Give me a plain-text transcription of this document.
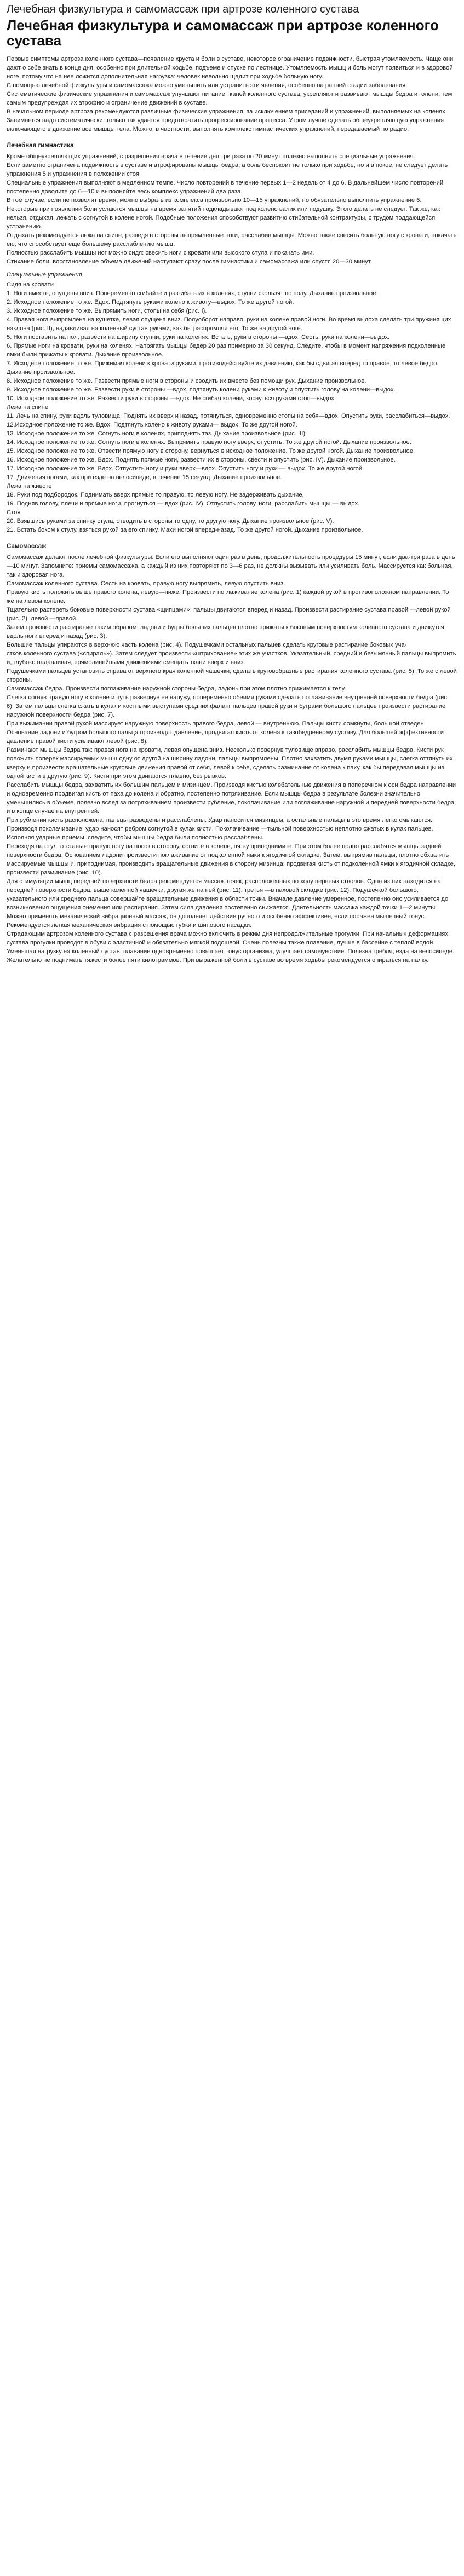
Лечебная физкультура и самомассаж при артрозе коленного сустава
Лечебная физкультура и самомассаж при артрозе коленного сустава

Первые симптомы артроза коленного сустава—появление хруста и боли в суставе, некоторое ограничение подвижности, быстрая утомляемость. Чаще они дают о себе знать в конце дня, особенно при длительной ходьбе, подъеме и спуске по лестнице. Утомляемость мышц и боль могут появиться и в здоровой ноге, потому что на нее ложится дополнительная нагрузка: человек невольно щадит при ходьбе больную ногу.

С помощью лечебной физкультуры и самомассажа можно уменьшить или устранить эти явления, особенно на ранней стадии заболевания. Систематические физические упражнения и самомассаж улучшают питание тканей коленного сустава, укрепляют и развивают мышцы бедра и голени, тем самым предупреждая их атрофию и ограничение движений в суставе.

В начальном периоде артроза рекомендуются различные физические упражнения, за исключением приседаний и упражнений, выполняемых на коленях Занимается надо систематически, только так удается предотвратить прогрессирование процесса. Утром лучше сделать общеукрепляющую упражнения включающего в движение все мышцы тела. Можно, в частности, выполнять комплекс гимнастических упражнений, передаваемый по радио.

Лечебная гимнастика

Кроме общеукрепляющих упражнений, с разрешения врача в течение дня три раза по 20 минут полезно выполнять специальные упражнения.

Если заметно ограничена подвижность в суставе и атрофированы мышцы бедра, а боль беспокоит не только при ходьбе, но и в покое, не следует делать упражнения 5 и упражнения в положении стоя.

Специальные упражнения выполняют в медленном темпе. Число повторений в течение первых 1—2 недель от 4 до 6. В дальнейшем число повторений постепенно доводите до 6—10 и выполняйте весь комплекс упражнений два раза.

В том случае, если не позволит время, можно выбрать из комплекса произвольно 10—15 упражнений, но обязательно выполнить упражнение 6.

Некоторые при появлении боли услаются мышцы на время занятий подкладывают под колено валик или подушку. Этого делать не следует. Так же, как нельзя, отдыхая, лежать с согнутой в колене ногой. Подобные положения способствуют развитию стибательной контрактуры, с трудом поддающейся устранению.

Отдыхать рекомендуется лежа на спине, разведя в стороны выпрямленные ноги, расслабив мышцы. Можно также свесить больную ногу с кровати, покачать ею, что способствует еще большему расслаблению мышц.

Полностью расслабить мышцы ног можно сидя: свесить ноги с кровати или высокого стула и покачать ими.

Стихание боли, восстановление объема движений наступают сразу после гимнастики и самомассажа или спустя 20—30 минут.

Специальные упражнения

Сидя на кровати

1. Ноги вместе, опущены вниз. Попеременно сгибайте и разгибать их в коленях, ступни скользят по полу. Дыхание произвольное.

2. Исходное положение то же. Вдох. Подтянуть руками колено к животу—выдох. То же другой ногой.

3. Исходное положение то же. Выпрямить ноги, стопы на себя (рис. I).

4. Правая нога выпрямлена на кушетке, левая опущена вниз. Полуоборот направо, руки на колене правой ноги. Во время выдоха сделать три пружинящих наклона (рис. II), надавливая на коленный сустав руками, как бы распрямляя его. То же на другой ноге.

5. Ноги поставить на пол, развести на ширину ступни, руки на коленях. Встать, руки в стороны —вдох. Сесть, руки на колени—выдох.

6. Прямые ноги на кровати, руки на коленях. Напрягать мышцы бедер 20 раз примерно за 30 секунд. Следите, чтобы в момент напряжения подколенные ямки были прижаты к кровати. Дыхание произвольное.

7. Исходное положение то же. Прижимая колени к кровати руками, противодействуйте их давлению, как бы сдвигая вперед то правое, то левое бедро. Дыхание произвольное.

8. Исходное положение то же. Развести прямые ноги в стороны и сводить их вместе без помощи рук. Дыхание произвольное.

9. Исходное положение то же. Развести руки в стороны —вдох, подтянуть колени руками к животу и опустить голову на колени—выдох.

10. Исходное положение то же. Развести руки в стороны —вдох. Не сгибая колени, коснуться руками стоп—выдох.

Лежа на спине

11. Лечь на спину, руки вдоль туловища. Поднять их вверх и назад, потянуться, одновременно стопы на себя—вдох. Опустить руки, расслабиться—выдох.

12.Исходное положение то же. Вдох. Подтянуть колено к животу руками— выдох. То же другой ногой.

13. Исходное положение то же. Согнуть ноги в коленях, приподнять таз. Дыхание произвольное (рис. III).

14. Исходное положение то же. Согнуть ноги в коленях. Выпрямить правую ногу вверх, опустить. То же другой ногой. Дыхание произвольное.

15. Исходное положение то же. Отвести прямую ногу в сторону, вернуться в исходное положение. То же другой ногой. Дыхание произвольное.

16. Исходное положение то же. Вдох. Поднять прямые ноги, развести их в стороны, свести и опустить (рис. IV). Дыхание произвольное.

17. Исходное положение то же. Вдох. Отпустить ногу и руки вверх—вдох. Опустить ногу и руки — выдох. То же другой ногой.

17. Движения ногами, как при езде на велосипеде, в течение 15 секунд. Дыхание произвольное.

Лежа на животе

18. Руки под подбородок. Поднимать вверх прямые то правую, то левую ногу. Не задерживать дыхание.

19. Подняв голову, плечи и прямые ноги, прогнуться — вдох (рис. IV). Отпустить голову, ноги, расслабить мышцы — выдох.

Стоя

20. Взявшись руками за спинку стула, отводить в стороны то одну, то другую ногу. Дыхание произвольное (рис. V).

21. Встать боком к стулу, взяться рукой за его спинку. Махи ногой вперед-назад. То же другой ногой. Дыхание произвольное.

Самомассаж

Самомассаж делают после лечебной физкультуры. Если его выполняют один раз в день, продолжительность процедуры 15 минут, если два-три раза в день—10 минут. Запомните: приемы самомассажа, а каждый из них повторяют по 3—6 раз, не должны вызывать или усиливать боль. Массируется как больная, так и здоровая нога.

Самомассаж коленного сустава. Сесть на кровать, правую ногу выпрямить, левую опустить вниз.

Правую кисть положить выше правого колена, левую—ниже. Произвести поглаживание колена (рис. 1) каждой рукой в противоположном направлении. То же на левом колене.

Тщательно растереть боковые поверхности сустава «щипцами»: пальцы двигаются вперед и назад. Произвести растирание сустава правой —левой рукой (рис. 2), левой —правой.

Затем произвести растирание таким образом: ладони и бугры больших пальцев плотно прижаты к боковым поверхностям коленного сустава и движутся вдоль ноги вперед и назад (рис. 3).

Большие пальцы упираются в верхнюю часть колена (рис. 4). Подушечками остальных пальцев сделать круговые растирание боковых уча-

стков коленного сустава («спираль»). Затем следует произвести «штрихование» этих же участков. Указательный, средний и безымянный пальцы выпрямить и, глубоко надавливая, прямолинейными движениями смещать ткани вверх и вниз.

Подушечками пальцев установить справа от верхнего края коленной чашечки, сделать круговобразные растирания коленного сустава (рис. 5). То же с левой стороны.

Самомассаж бедра. Произвести поглаживание наружной стороны бедра, ладонь при этом плотно прижимается к телу.

Слегка согнув правую ногу в колене и чуть развернув ее наружу, попеременно обеими руками сделать поглаживание внутренней поверхности бедра (рис. 6). Затем пальцы слегка сжать в кулак и костными выступами средних фаланг пальцев правой руки и буграми большого пальцев произвести растирание наружной поверхности бедра (рис. 7).

При выжимании правой рукой массирует наружную поверхность правого бедра, левой — внутреннюю. Пальцы кисти сомкнуты, большой отведен. Основание ладони и бугром большого пальца производят давление, продвигая кисть от колена к тазобедренному суставу. Для большей эффективности давление правой кисти усиливают левой (рис. 8).

Разминают мышцы бедра так: правая нога на кровати, левая опущена вниз. Несколько повернув туловище вправо, расслабить мышцы бедра. Кисти рук положить поперек массируемых мышц одну от другой на ширину ладони, пальцы выпрямлены. Плотно захватить двумя руками мышцы, слегка оттянуть их кверху и произвести вращательные круговые движения правой от себя, левой к себе, сделать разминание от колена к паху, как бы передавая мышцы из одной кисти в другую (рис. 9). Кисти при этом двигаются плавно, без рывков.

Расслабить мышцы бедра, захватить их большим пальцем и мизинцем. Производя кистью колебательные движения в поперечном к оси бедра направлении и одновременно продвигая кисть от паха до колена и обратно, постепенно потряхивание. Если мышцы бедра в результате болезни значительно уменьшились в объеме, полезно вслед за потряхиванием произвести рубление, поколачивание или поглаживание наружной и передней поверхности бедра, и в конце случае на внутренней.

При рублении кисть расположена, пальцы разведены и расслаблены. Удар наносится мизинцем, а остальные пальцы в это время легко смыкаются.

Производя поколачивание, удар наносят ребром согнутой в кулак кисти. Поколачивание —тыльной поверхностью неплотно сжатых в кулак пальцев. Исполняя ударные приемы, следите, чтобы мышцы бедра были полностью расслаблены.

Переходя на стул, отставьте правую ногу на носок в сторону, согните в колене, пятку приподнимите. При этом более полно расслабятся мышцы задней поверхности бедра. Основанием ладони произвести поглаживание от подколенной ямки к ягодичной складке. Затем, выпрямив пальцы, плотно обхватить массируемые мышцы и, приподнимая, производить вращательные движения в сторону мизинца; продвигая кисть от подколенной ямки к ягодичной складке, произвести разминание (рис. 10).

Для стимуляции мышц передней поверхности бедра рекомендуется массаж точек, расположенных по ходу нервных стволов. Одна из них находится на передней поверхности бедра, выше коленной чашечки, другая же на ней (рис. 11), третья —в паховой складке (рис. 12). Подушечкой большого, указательного или среднего пальца совершайте вращательные движения в области точки. Вначале давление умеренное, постепенно оно усиливается до возникновения ощущения онемения или распирания. Затем сила давления постепенно снижается. Длительность массажа каждой точки 1—2 минуты.

Можно применять механический вибрационный массаж, он дополняет действие ручного и особенно эффективен, если поражен мышечный тонус.

Рекомендуется легкая механическая вибрация с помощью губки и шипового насадки.

Страдающим артрозом коленного сустава с разрешения врача можно включить в режим дня непродолжительные прогулки. При начальных деформациях сустава прогулки проводят в обуви с эластичной и обязательно мягкой подошвой. Очень полезны также плавание, лучше в бассейне с теплой водой. Уменьшая нагрузку на коленный сустав, плавание одновременно повышает тонус организма, улучшает самочувствие. Полезна гребля, езда на велосипеде. Желательно не поднимать тяжести более пяти килограммов. При выраженной боли в суставе во время ходьбы рекомендуется опираться на палку.
